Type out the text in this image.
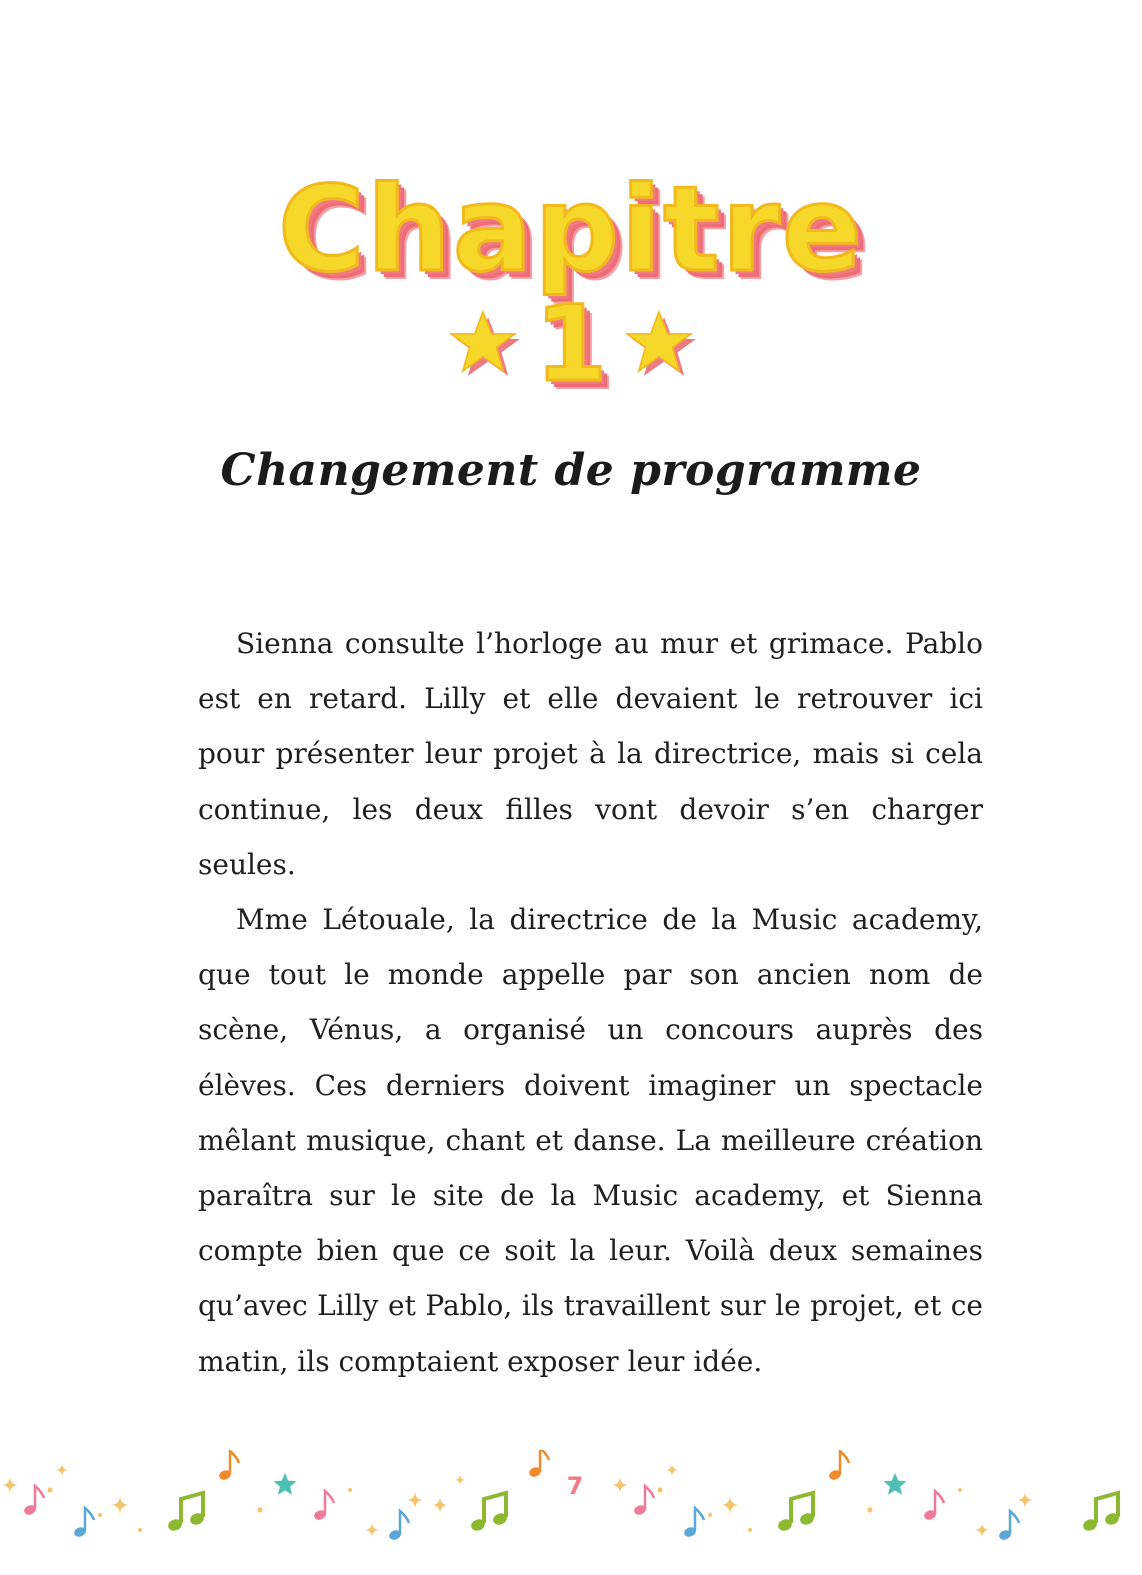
Chapitre
1
Changement de programme

Sienna consulte l’horloge au mur et grimace. Pablo est en retard. Lilly et elle devaient le retrouver ici pour présenter leur projet à la directrice, mais si cela continue, les deux filles vont devoir s’en charger seules.

Mme Létouale, la directrice de la Music academy, que tout le monde appelle par son ancien nom de scène, Vénus, a organisé un concours auprès des élèves. Ces derniers doivent imaginer un spectacle mêlant musique, chant et danse. La meilleure création paraîtra sur le site de la Music academy, et Sienna compte bien que ce soit la leur. Voilà deux semaines qu’avec Lilly et Pablo, ils travaillent sur le projet, et ce matin, ils comptaient exposer leur idée.

7
